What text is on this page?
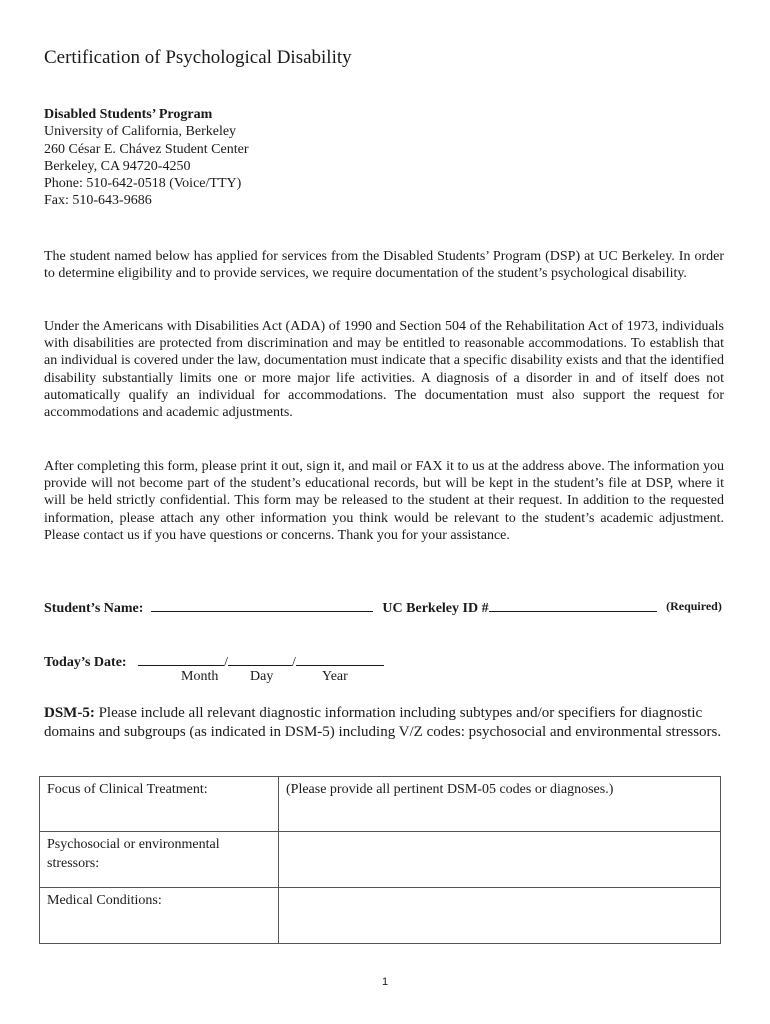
Certification of Psychological Disability
Disabled Students’ Program
University of California, Berkeley
260 César E. Chávez Student Center
Berkeley, CA 94720-4250
Phone: 510-642-0518 (Voice/TTY)
Fax: 510-643-9686
The student named below has applied for services from the Disabled Students’ Program (DSP) at UC Berkeley. In order to determine eligibility and to provide services, we require documentation of the student’s psychological disability.
Under the Americans with Disabilities Act (ADA) of 1990 and Section 504 of the Rehabilitation Act of 1973, individuals with disabilities are protected from discrimination and may be entitled to reasonable accommodations. To establish that an individual is covered under the law, documentation must indicate that a specific disability exists and that the identified disability substantially limits one or more major life activities. A diagnosis of a disorder in and of itself does not automatically qualify an individual for accommodations. The documentation must also support the request for accommodations and academic adjustments.
After completing this form, please print it out, sign it, and mail or FAX it to us at the address above. The information you provide will not become part of the student’s educational records, but will be kept in the student’s file at DSP, where it will be held strictly confidential. This form may be released to the student at their request. In addition to the requested information, please attach any other information you think would be relevant to the student’s academic adjustment. Please contact us if you have questions or concerns. Thank you for your assistance.
Student’s Name:	UC Berkeley ID #	(Required)
Today’s Date:	/	/
Month Day	Year
DSM-5: Please include all relevant diagnostic information including subtypes and/or specifiers for diagnostic domains and subgroups (as indicated in DSM-5) including V/Z codes: psychosocial and environmental stressors.
Focus of Clinical Treatment:	(Please provide all pertinent DSM-05 codes or diagnoses.)
Psychosocial or environmental stressors:	
Medical Conditions:	
1
